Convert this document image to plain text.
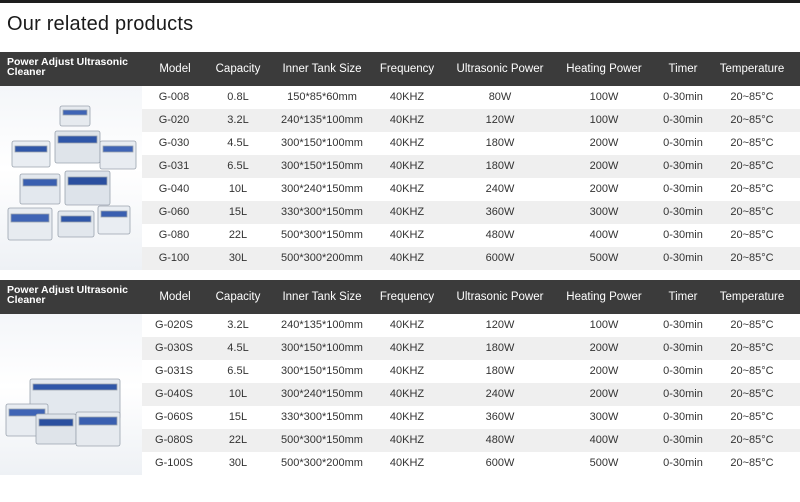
Our related products
Power Adjust Ultrasonic Cleaner	Model	Capacity	Inner Tank Size	Frequency	Ultrasonic Power	Heating Power	Timer	Temperature
G-008	0.8L	150*85*60mm	40KHZ	80W	100W	0-30min	20~85°C
G-020	3.2L	240*135*100mm	40KHZ	120W	100W	0-30min	20~85°C
G-030	4.5L	300*150*100mm	40KHZ	180W	200W	0-30min	20~85°C
G-031	6.5L	300*150*150mm	40KHZ	180W	200W	0-30min	20~85°C
G-040	10L	300*240*150mm	40KHZ	240W	200W	0-30min	20~85°C
G-060	15L	330*300*150mm	40KHZ	360W	300W	0-30min	20~85°C
G-080	22L	500*300*150mm	40KHZ	480W	400W	0-30min	20~85°C
G-100	30L	500*300*200mm	40KHZ	600W	500W	0-30min	20~85°C
Power Adjust Ultrasonic Cleaner	Model	Capacity	Inner Tank Size	Frequency	Ultrasonic Power	Heating Power	Timer	Temperature
G-020S	3.2L	240*135*100mm	40KHZ	120W	100W	0-30min	20~85°C
G-030S	4.5L	300*150*100mm	40KHZ	180W	200W	0-30min	20~85°C
G-031S	6.5L	300*150*150mm	40KHZ	180W	200W	0-30min	20~85°C
G-040S	10L	300*240*150mm	40KHZ	240W	200W	0-30min	20~85°C
G-060S	15L	330*300*150mm	40KHZ	360W	300W	0-30min	20~85°C
G-080S	22L	500*300*150mm	40KHZ	480W	400W	0-30min	20~85°C
G-100S	30L	500*300*200mm	40KHZ	600W	500W	0-30min	20~85°C
